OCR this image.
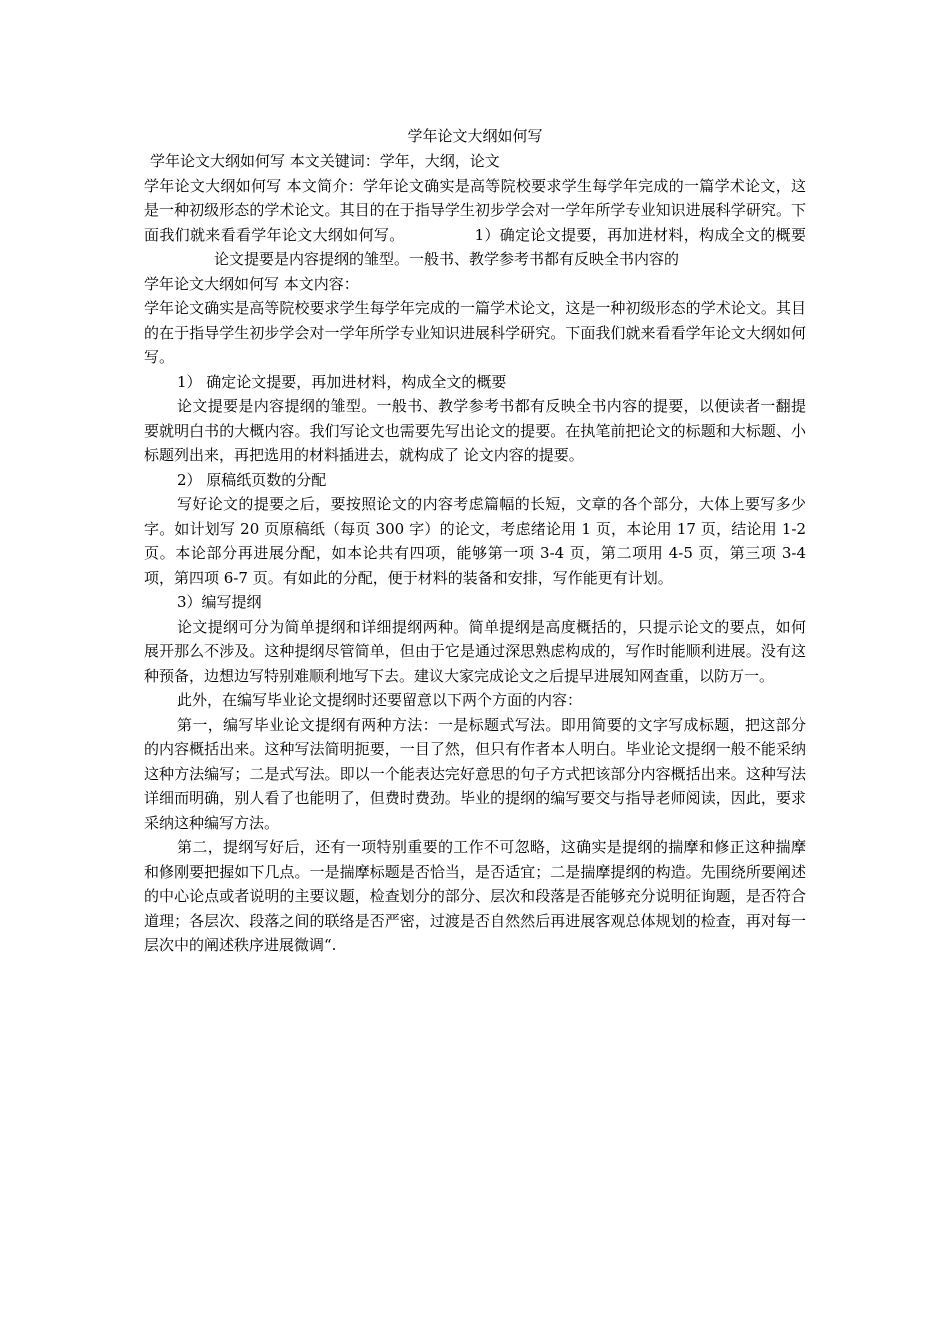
学年论文大纲如何写

学年论文大纲如何写 本文关键词：学年，大纲，论文

学年论文大纲如何写 本文简介：学年论文确实是高等院校要求学生每学年完成的一篇学术论文，这是一种初级形态的学术论文。其目的在于指导学生初步学会对一学年所学专业知识进展科学研究。下面我们就来看看学年论文大纲如何写。	1）确定论文提要，再加进材料，构成全文的概要论文提要是内容提纲的雏型。一般书、教学参考书都有反映全书内容的

学年论文大纲如何写 本文内容：

学年论文确实是高等院校要求学生每学年完成的一篇学术论文，这是一种初级形态的学术论文。其目的在于指导学生初步学会对一学年所学专业知识进展科学研究。下面我们就来看看学年论文大纲如何写。

1） 确定论文提要，再加进材料，构成全文的概要

论文提要是内容提纲的雏型。一般书、教学参考书都有反映全书内容的提要，以便读者一翻提要就明白书的大概内容。我们写论文也需要先写出论文的提要。在执笔前把论文的标题和大标题、小标题列出来，再把选用的材料插进去，就构成了 论文内容的提要。

2） 原稿纸页数的分配

写好论文的提要之后，要按照论文的内容考虑篇幅的长短，文章的各个部分，大体上要写多少字。如计划写 20 页原稿纸（每页 300 字）的论文，考虑绪论用 1 页，本论用 17 页，结论用 1-2 页。本论部分再进展分配，如本论共有四项，能够第一项 3-4 页，第二项用 4-5 页，第三项 3-4 项，第四项 6-7 页。有如此的分配，便于材料的装备和安排，写作能更有计划。

3）编写提纲

论文提纲可分为简单提纲和详细提纲两种。简单提纲是高度概括的，只提示论文的要点，如何展开那么不涉及。这种提纲尽管简单，但由于它是通过深思熟虑构成的，写作时能顺利进展。没有这种预备，边想边写特别难顺利地写下去。建议大家完成论文之后提早进展知网查重，以防万一。

此外，在编写毕业论文提纲时还要留意以下两个方面的内容：

第一，编写毕业论文提纲有两种方法：一是标题式写法。即用简要的文字写成标题，把这部分的内容概括出来。这种写法简明扼要，一目了然，但只有作者本人明白。毕业论文提纲一般不能采纳这种方法编写；二是式写法。即以一个能表达完好意思的句子方式把该部分内容概括出来。这种写法详细而明确，别人看了也能明了，但费时费劲。毕业的提纲的编写要交与指导老师阅读，因此，要求采纳这种编写方法。

第二，提纲写好后，还有一项特别重要的工作不可忽略，这确实是提纲的揣摩和修正这种揣摩和修刚要把握如下几点。一是揣摩标题是否恰当，是否适宜；二是揣摩提纲的构造。先围绕所要阐述的中心论点或者说明的主要议题，检查划分的部分、层次和段落是否能够充分说明征询题，是否符合道理；各层次、段落之间的联络是否严密，过渡是否自然然后再进展客观总体规划的检查，再对每一层次中的阐述秩序进展微调“.
